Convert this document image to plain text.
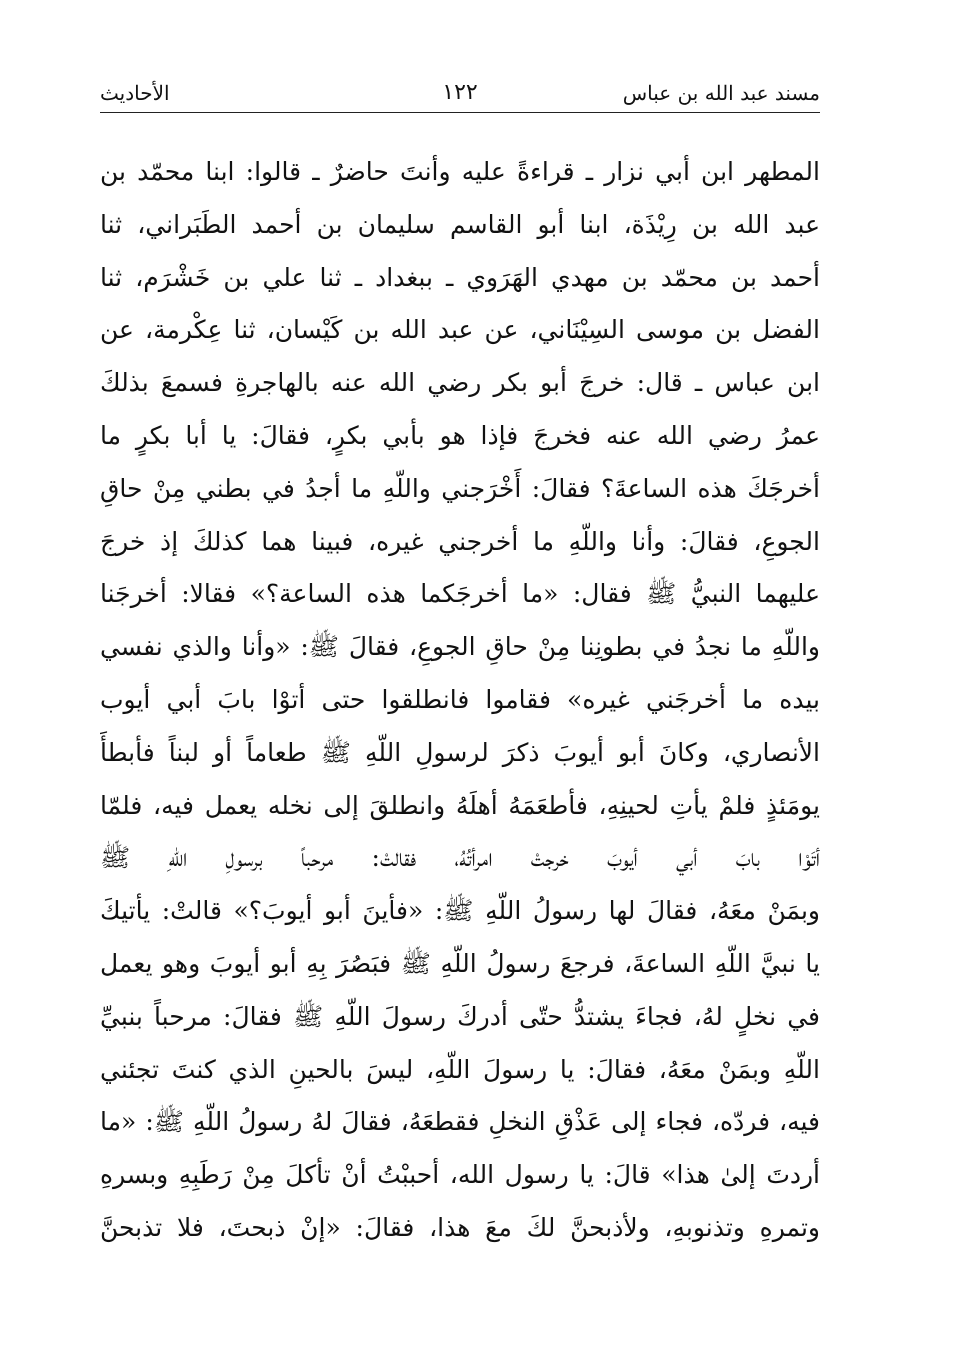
مسند عبد الله بن عباس
١٢٢
الأحاديث
المطهر ابن أبي نزار ـ قراءةً عليه وأنتَ حاضرٌ ـ قالوا: ابنا محمّد بن
عبد الله بن رِيْذَة، ابنا أبو القاسم سليمان بن أحمد الطَبَراني، ثنا
أحمد بن محمّد بن مهدي الهَرَوي ـ ببغداد ـ ثنا علي بن خَشْرَم، ثنا
الفضل بن موسى السِيْنَاني، عن عبد الله بن كَيْسان، ثنا عِكْرمة، عن
ابن عباس ـ قال: خرجَ أبو بكر رضي الله عنه بالهاجرةِ فسمعَ بذلكَ
عمرُ رضي الله عنه فخرجَ فإذا هو بأبي بكرٍ، فقالَ: يا أبا بكرٍ ما
أخرجَكَ هذه الساعةَ؟ فقالَ: أَخْرَجني واللّهِ ما أجدُ في بطني مِنْ حاقِ
الجوعِ، فقالَ: وأنا واللّهِ ما أخرجني غيره، فبينا هما كذلكَ إذ خرجَ
عليهما النبيُّ ﷺ فقال: «ما أخرجَكما هذه الساعة؟» فقالا: أخرجَنا
واللّهِ ما نجدُ في بطونِنا مِنْ حاقِ الجوعِ، فقالَ ﷺ: «وأنا والذي نفسي
بيده ما أخرجَني غيره» فقاموا فانطلقوا حتى أتوْا بابَ أبي أيوب
الأنصاري، وكانَ أبو أيوبَ ذكرَ لرسولِ اللّهِ ﷺ طعاماً أو لبناً فأبطأَ
يومَئذٍ فلمْ يأتِ لحينِهِ، فأطعَمَهُ أهلَهُ وانطلقَ إلى نخله يعمل فيه، فلمّا
أتَوْا بابَ أبي أيوبَ خرجتْ امرأتُهُ، فقالتْ: مرحباً برسولِ اللّهِ ﷺ
وبمَنْ معَهُ، فقالَ لها رسولُ اللّهِ ﷺ: «فأينَ أبو أيوبَ؟» قالتْ: يأتيكَ
يا نبيَّ اللّهِ الساعةَ، فرجعَ رسولُ اللّهِ ﷺ فبَصُرَ بِهِ أبو أيوبَ وهو يعمل
في نخلٍ لهُ، فجاءَ يشتدُّ حتّى أدركَ رسولَ اللّهِ ﷺ فقالَ: مرحباً بنبيِّ
اللّهِ وبمَنْ معَهُ، فقالَ: يا رسولَ اللّهِ، ليسَ بالحينِ الذي كنتَ تجئني
فيه، فردّه، فجاء إلى عَذْقِ النخلِ فقطعَهُ، فقالَ لهُ رسولُ اللّهِ ﷺ: «ما
أردتَ إلىٰ هذا» قالَ: يا رسول الله، أحببْتُ أنْ تأكلَ مِنْ رَطَبِهِ وبسرهِ
وتمرهِ وتذنوبهِ، ولأذبحنَّ لكَ معَ هذا، فقالَ: «إنْ ذبحتَ، فلا تذبحنَّ
